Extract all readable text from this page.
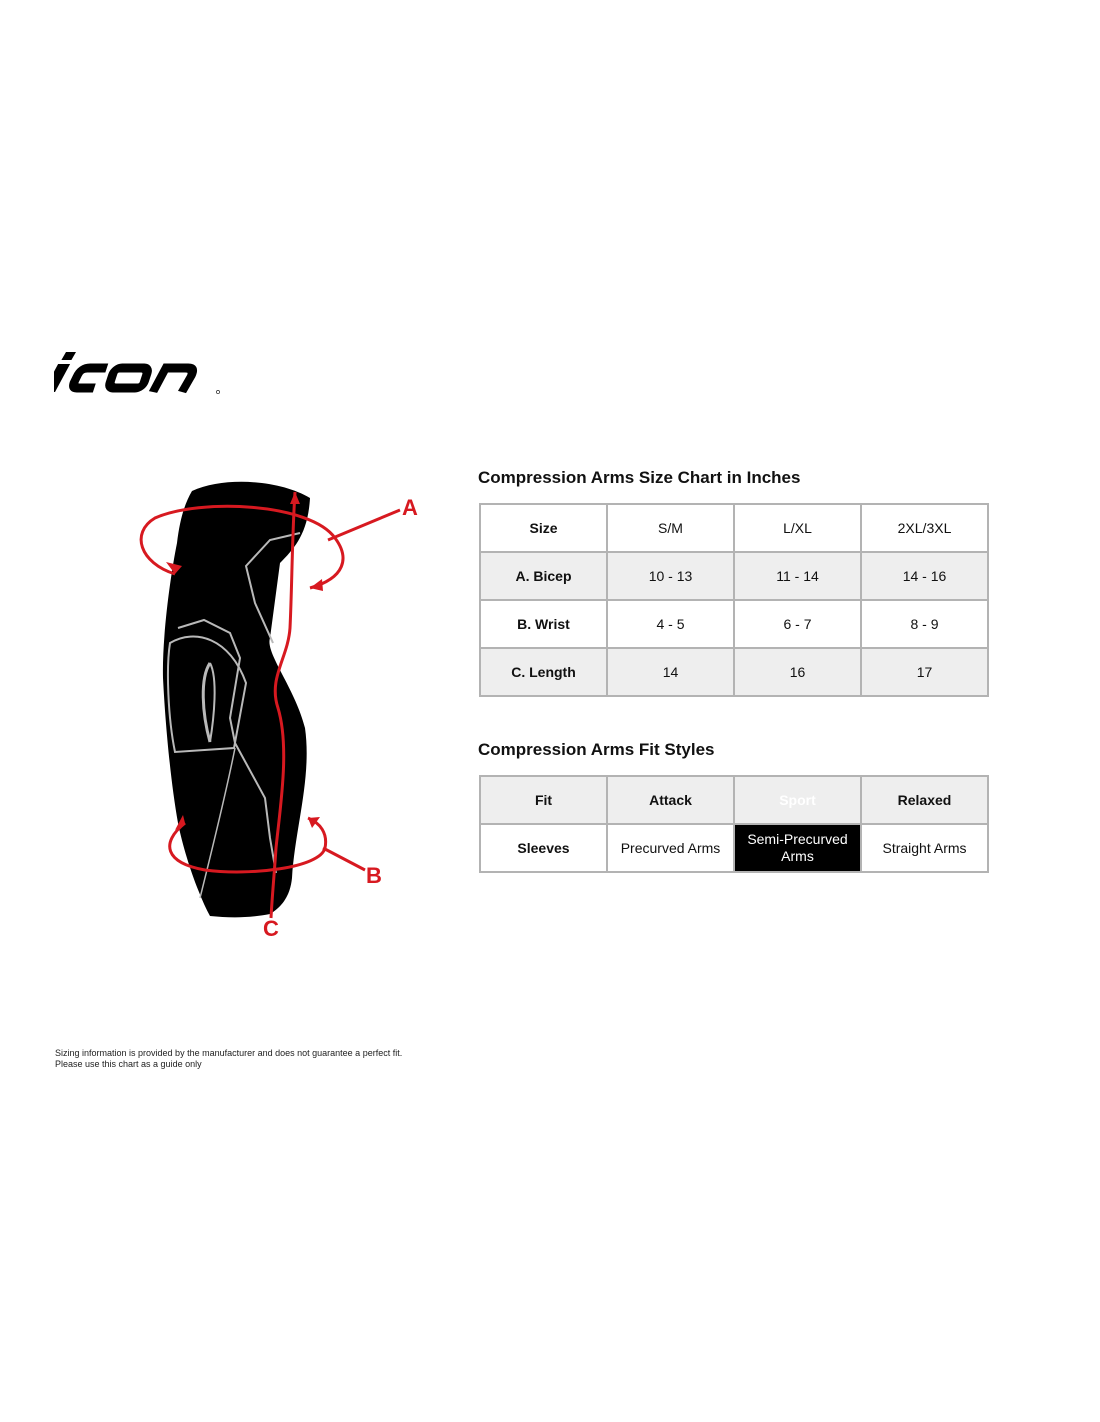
A
B
C
Compression Arms Size Chart in Inches
Size	S/M	L/XL	2XL/3XL
A. Bicep	10 - 13	11 - 14	14 - 16
B. Wrist	4 - 5	6 - 7	8 - 9
C. Length	14	16	17
Compression Arms Fit Styles
Fit	Attack	Sport	Relaxed
Sleeves	Precurved Arms	Semi-Precurved Arms	Straight Arms
Sizing information is provided by the manufacturer and does not guarantee a perfect fit.
Please use this chart as a guide only
